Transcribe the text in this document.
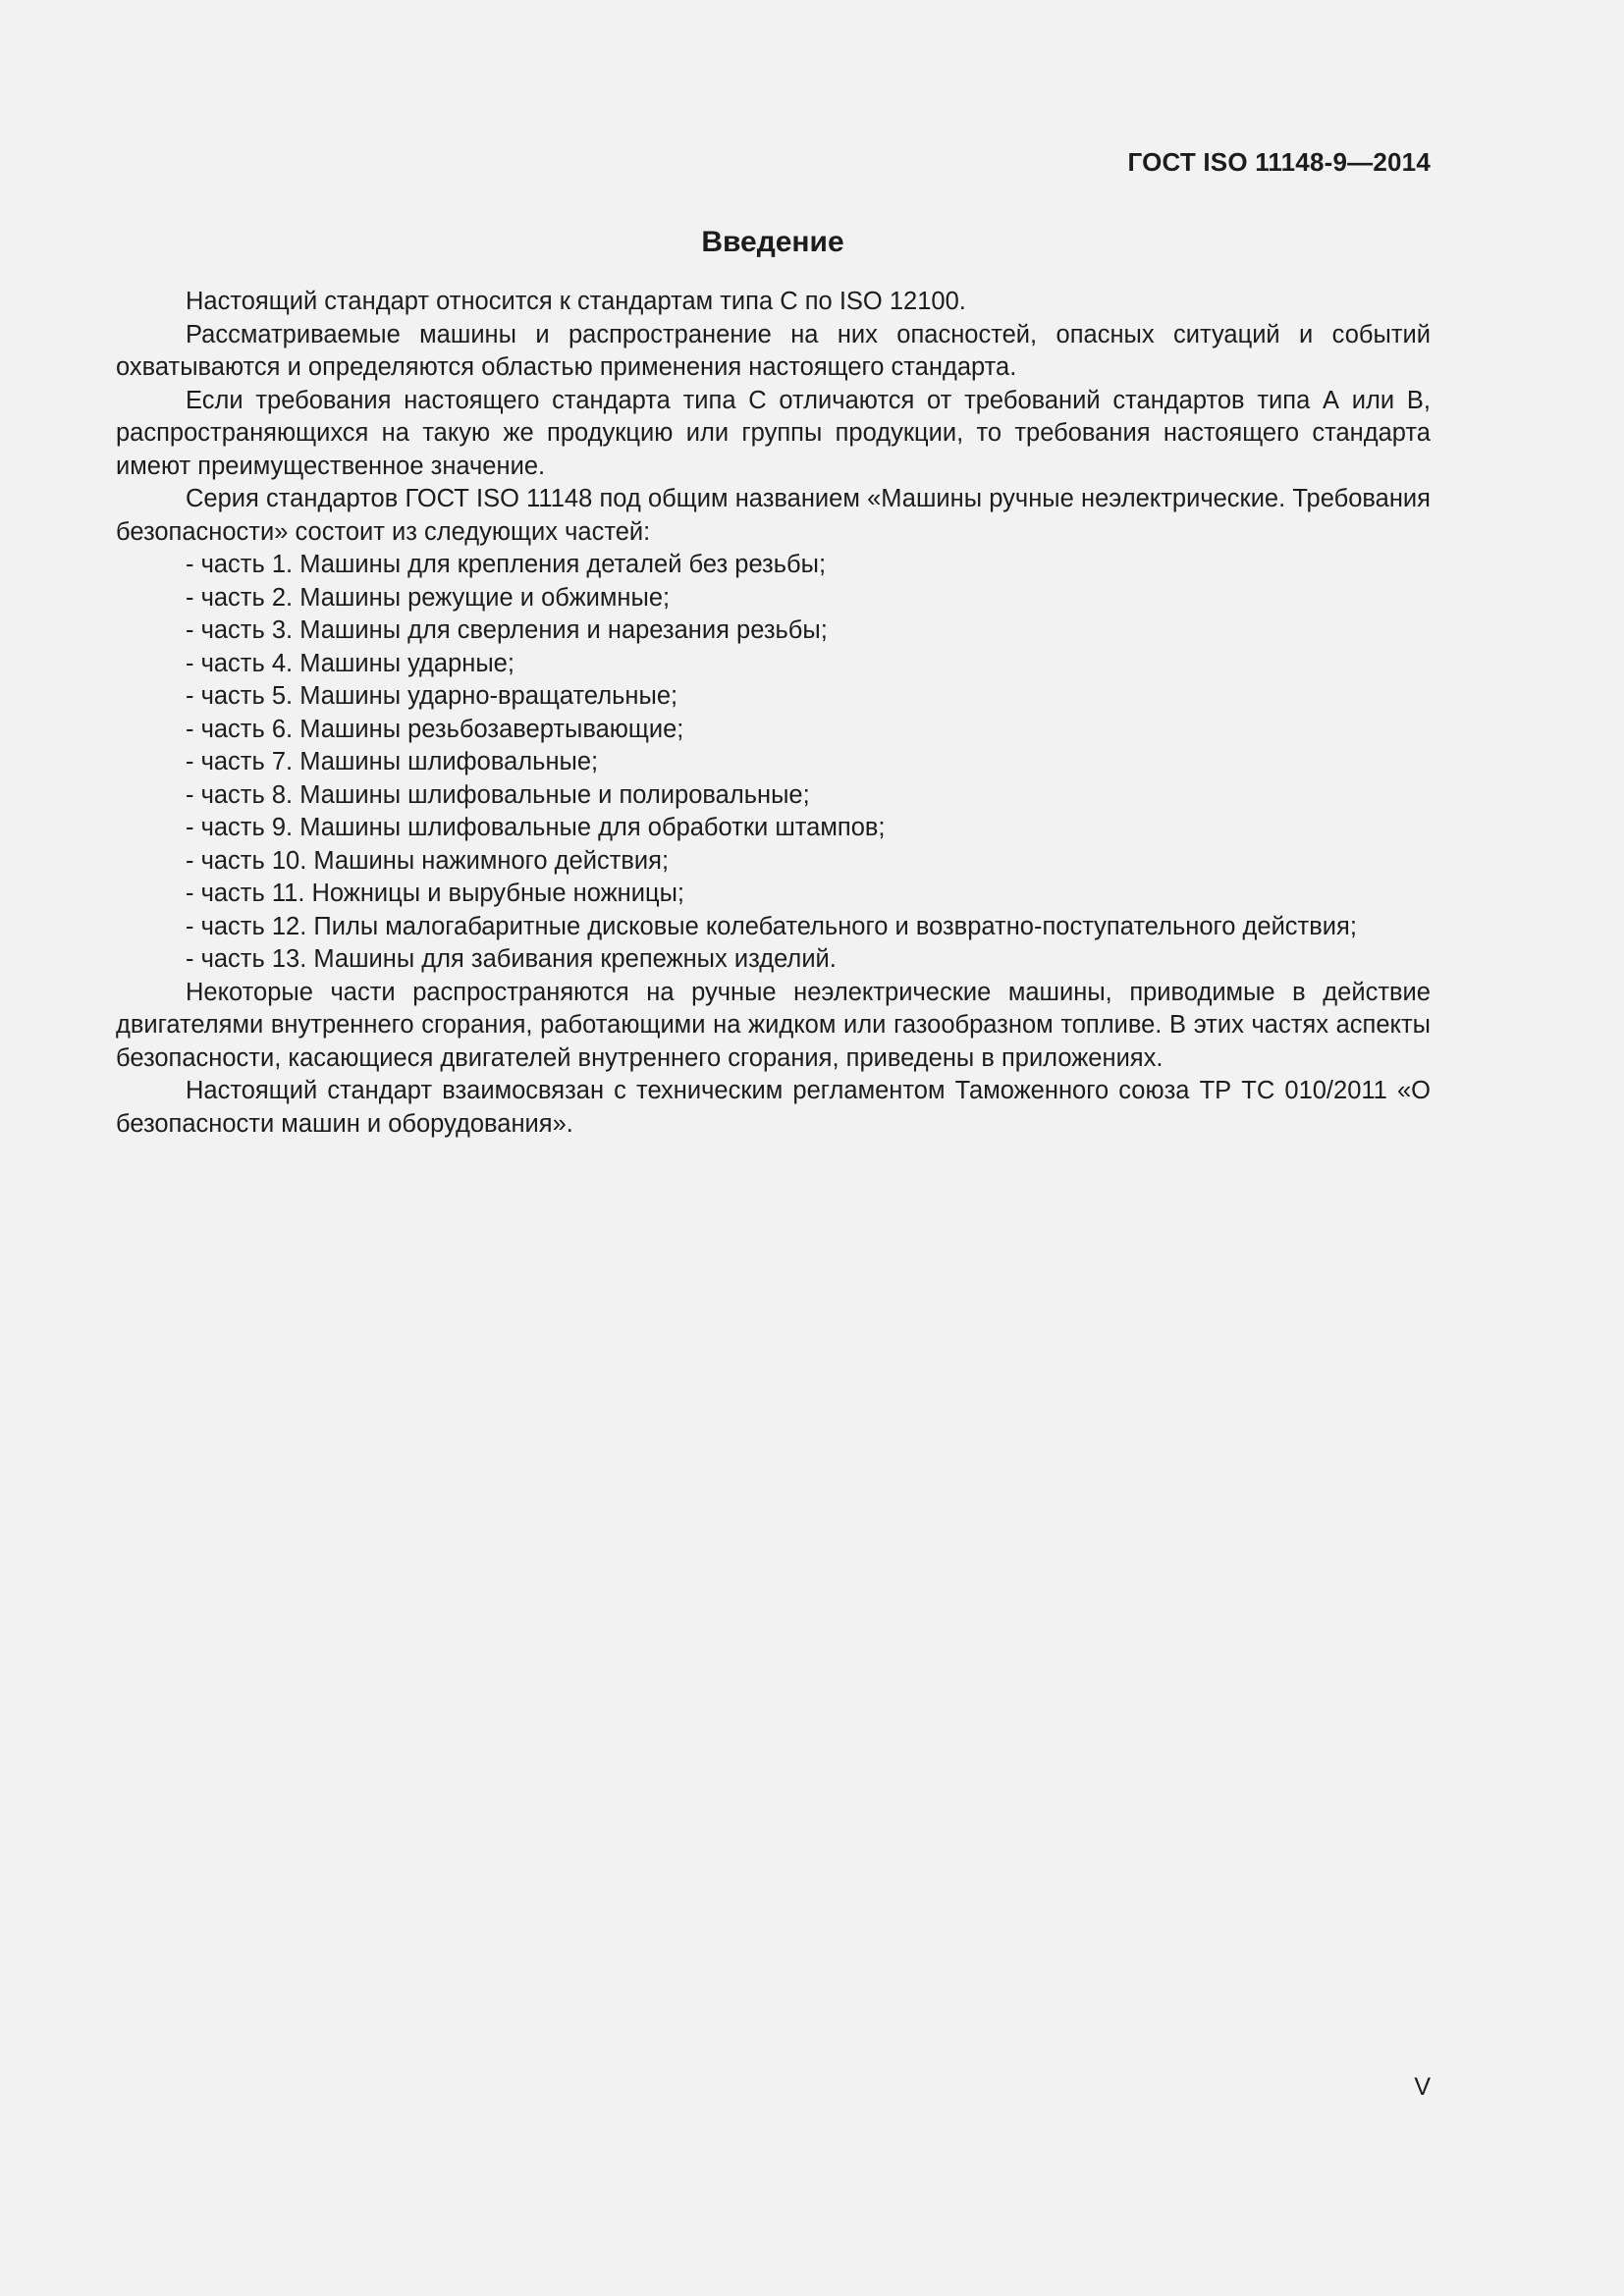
ГОСТ ISO 11148-9—2014
Введение

Настоящий стандарт относится к стандартам типа С по ISO 12100.

Рассматриваемые машины и распространение на них опасностей, опасных ситуаций и событий охватываются и определяются областью применения настоящего стандарта.

Если требования настоящего стандарта типа С отличаются от требований стандартов типа А или В, распространяющихся на такую же продукцию или группы продукции, то требования настоящего стандарта имеют преимущественное значение.

Серия стандартов ГОСТ ISO 11148 под общим названием «Машины ручные неэлектрические. Требования безопасности» состоит из следующих частей:

- часть 1. Машины для крепления деталей без резьбы;
- часть 2. Машины режущие и обжимные;
- часть 3. Машины для сверления и нарезания резьбы;
- часть 4. Машины ударные;
- часть 5. Машины ударно-вращательные;
- часть 6. Машины резьбозавертывающие;
- часть 7. Машины шлифовальные;
- часть 8. Машины шлифовальные и полировальные;
- часть 9. Машины шлифовальные для обработки штампов;
- часть 10. Машины нажимного действия;
- часть 11. Ножницы и вырубные ножницы;
- часть 12. Пилы малогабаритные дисковые колебательного и возвратно-поступательного действия;
- часть 13. Машины для забивания крепежных изделий.

Некоторые части распространяются на ручные неэлектрические машины, приводимые в действие двигателями внутреннего сгорания, работающими на жидком или газообразном топливе. В этих частях аспекты безопасности, касающиеся двигателей внутреннего сгорания, приведены в приложениях.

Настоящий стандарт взаимосвязан с техническим регламентом Таможенного союза ТР ТС 010/2011 «О безопасности машин и оборудования».

V
